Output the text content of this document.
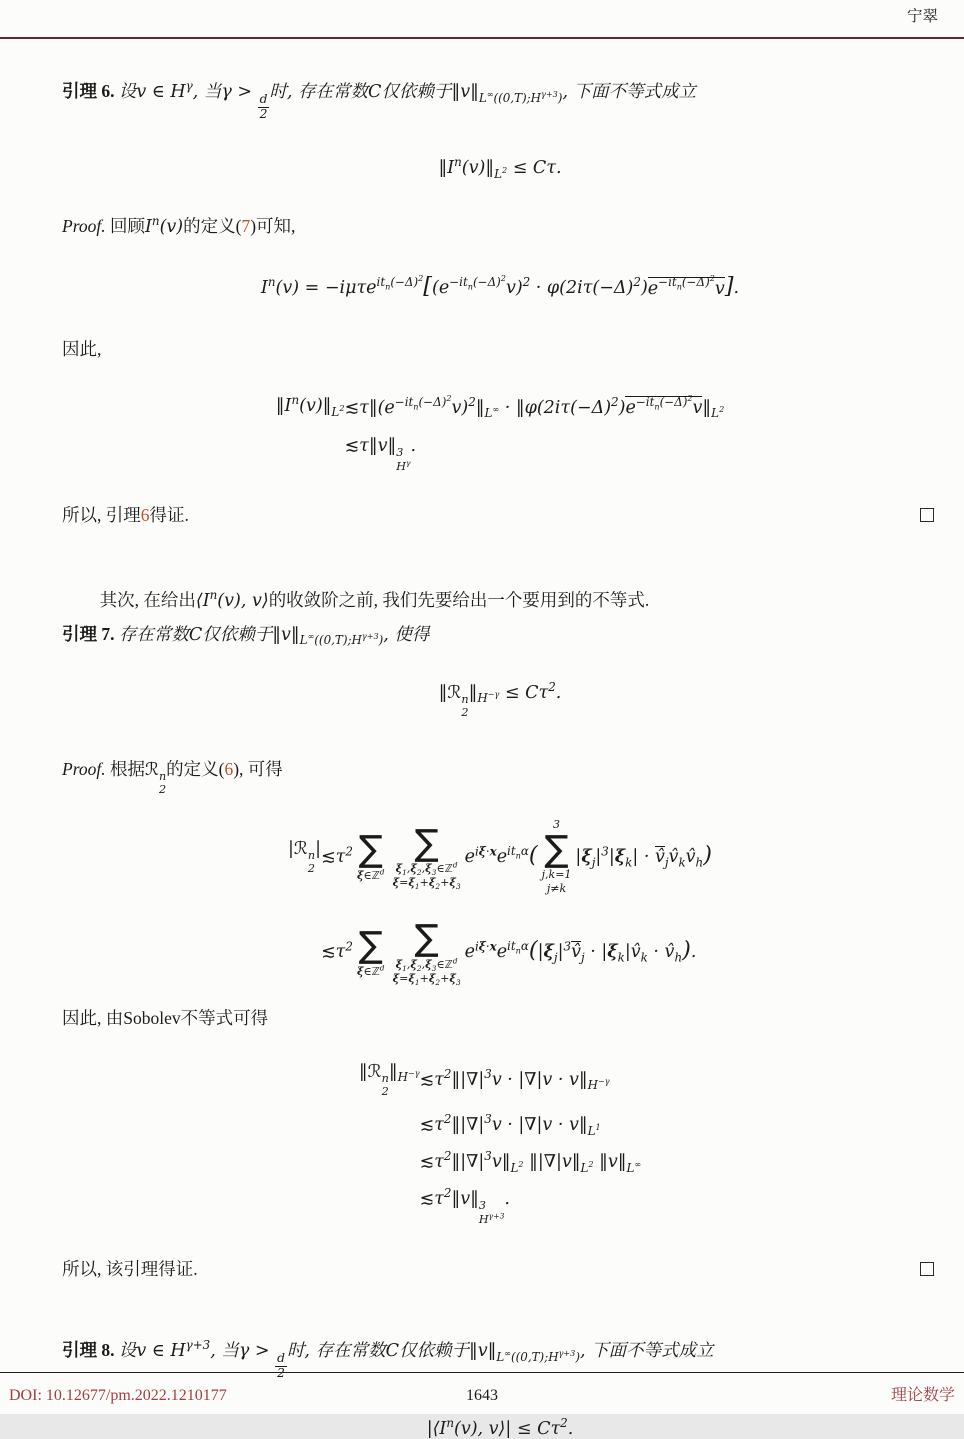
宁翠

引理 6. 设v ∈ $H^\gamma$, 当γ >
$\frac{d}{2}$
时, 存在常数C仅依赖于$‖v‖_{L^\infty((0,T);H^{\gamma+3})}$, 下面不等式成立

$‖I^n(v)‖_{L^2} \le C\tau$.

Proof. 回顾$I^n(v)$的定义(7)可知,

$I^n(v) = -i\mu\tau e^{it_n(-\Delta)^2}[(e^{-it_n(-\Delta)^2}v)^2 \cdot \varphi(2i\tau(-\Delta)^2)e^{-it_n(-\Delta)^2}v]$.

因此,

$‖I^n(v)‖_{L^2}$ $≲\tau‖(e^{-it_n(-\Delta)^2}v)^2‖_{L^\infty}$ · $‖\varphi(2i\tau(-\Delta)^2)e^{-it_n(-\Delta)^2}v‖_{L^2}$
≲τ‖v‖ 3
$H^\gamma$
.
所以, 引理6得证.

其次, 在给出$⟨I^n(v)$, v⟩的收敛阶之前, 我们先要给出一个要用到的不等式.

引理 7. 存在常数C仅依赖于$‖v‖_{L^\infty((0,T);H^{\gamma+3})}$, 使得

‖ℛ n
2
$‖_{H^{-\gamma}} \le C\tau^2$.

Proof. 根据ℛ n
2
的定义(6), 可得

|ℛ n
2
| $≲\tau^2$ ∑
ξ∈ℤ$^d$
∑
$\xi_1,\xi_2,\xi_3\in ℤ^d$
$\xi=\xi_1+\xi_2+\xi_3$
$e^{i\xi\cdot x}e^{it_n\alpha}$(
3
∑
j,k=1
j≠k
$|\xi_j|^3|\xi_k|$ · $v̂_jv̂_kv̂_h$)
$≲\tau^2$ ∑
ξ∈ℤ$^d$
∑
$\xi_1,\xi_2,\xi_3\in ℤ^d$
$\xi=\xi_1+\xi_2+\xi_3$
$e^{i\xi\cdot x}e^{it_n\alpha}(|\xi_j|^3v̂_j$ · $|\xi_k|v̂_k$ · $v̂_h$).

因此, 由Sobolev不等式可得

‖ℛ n
2
$‖_{H^{-\gamma}}$ $≲\tau^2‖|\nabla|^3v \cdot |\nabla|v$ · $v‖_{H^{-\gamma}}$
$≲\tau^2‖|\nabla|^3v \cdot |\nabla|v$ · $v‖_{L^1}$
$≲\tau^2‖|\nabla|^3v‖_{L^2}$ $‖|\nabla|v‖_{L^2}$ $‖v‖_{L^\infty}$
$≲\tau^2‖v‖$ 3
$H^{\gamma+3}$
.
所以, 该引理得证.

引理 8. 设v ∈ $H^{\gamma+3}$, 当γ >
$\frac{d}{2}$
时, 存在常数C仅依赖于$‖v‖_{L^\infty((0,T);H^{\gamma+3})}$, 下面不等式成立

$|⟨I^n(v)$, v⟩| ≤ $C\tau^2$.
DOI: 10.12677/pm.2022.1210177	1643	理论数学
